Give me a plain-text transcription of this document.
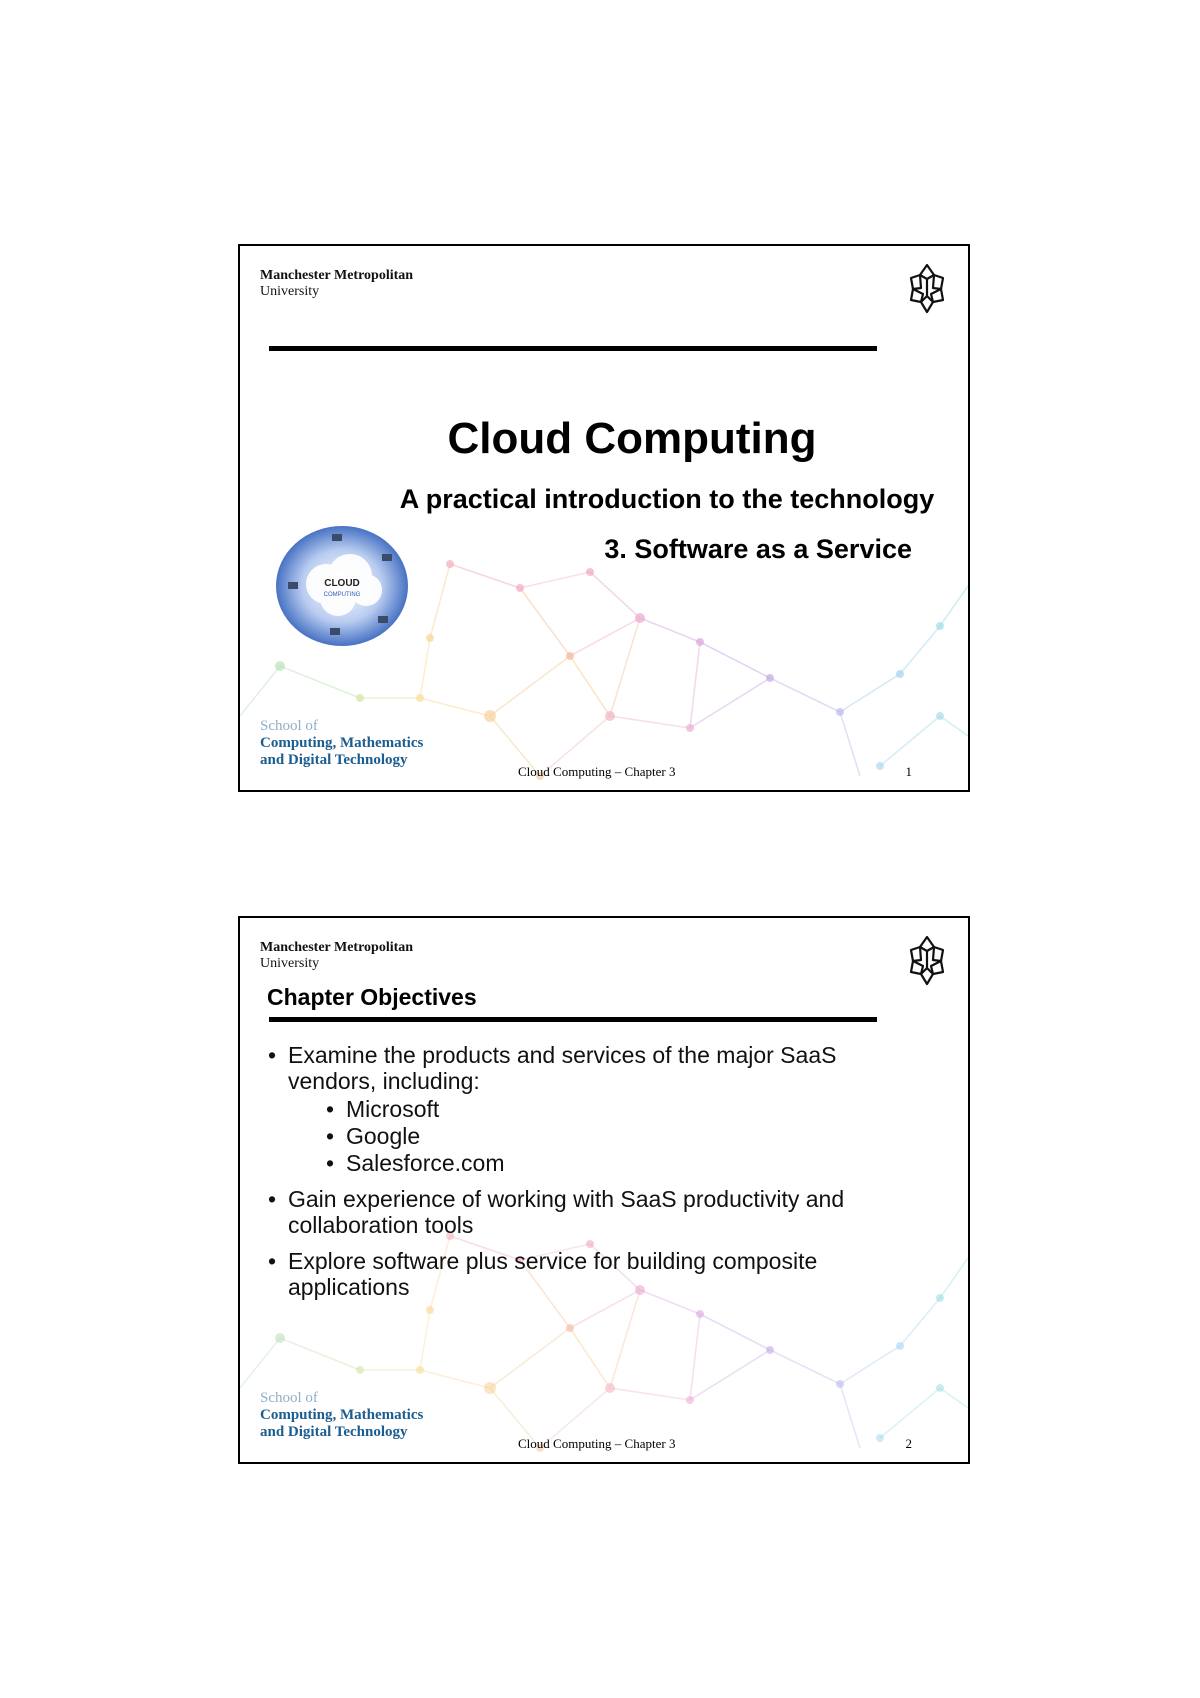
Manchester Metropolitan
University
Cloud Computing
A practical introduction to the technology
3. Software as a Service
CLOUD
COMPUTING
School of
Computing, Mathematics
and Digital Technology
Cloud Computing – Chapter 3	1
Manchester Metropolitan
University
Chapter Objectives
• Examine the products and services of the major SaaS vendors, including:
• Microsoft
• Google
• Salesforce.com
• Gain experience of working with SaaS productivity and collaboration tools
• Explore software plus service for building composite applications
School of
Computing, Mathematics
and Digital Technology
Cloud Computing – Chapter 3	2
